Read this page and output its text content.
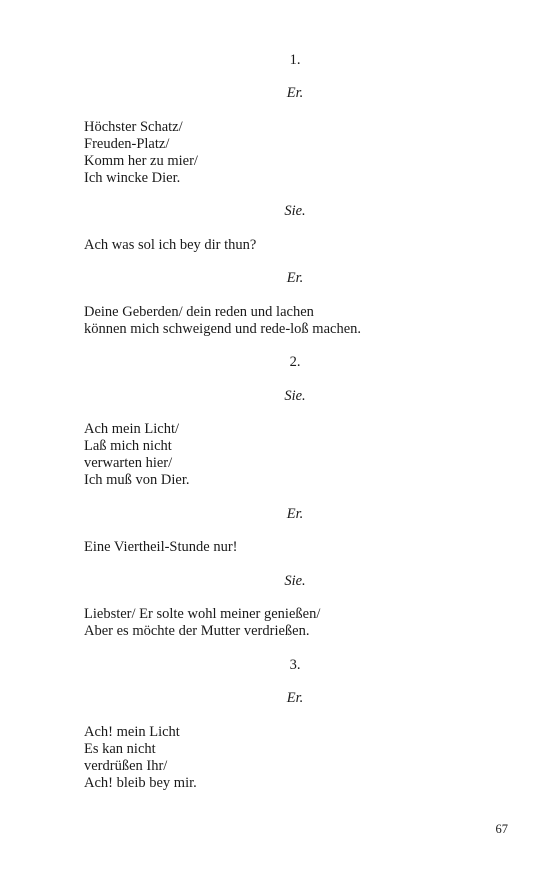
1.
Er.
Höchster Schatz/
Freuden-Platz/
Komm her zu mier/
Ich wincke Dier.
Sie.
Ach was sol ich bey dir thun?
Er.
Deine Geberden/ dein reden und lachen
können mich schweigend und rede-loß machen.
2.
Sie.
Ach mein Licht/
Laß mich nicht
verwarten hier/
Ich muß von Dier.
Er.
Eine Viertheil-Stunde nur!
Sie.
Liebster/ Er solte wohl meiner genießen/
Aber es möchte der Mutter verdrießen.
3.
Er.
Ach! mein Licht
Es kan nicht
verdrüßen Ihr/
Ach! bleib bey mir.
67
